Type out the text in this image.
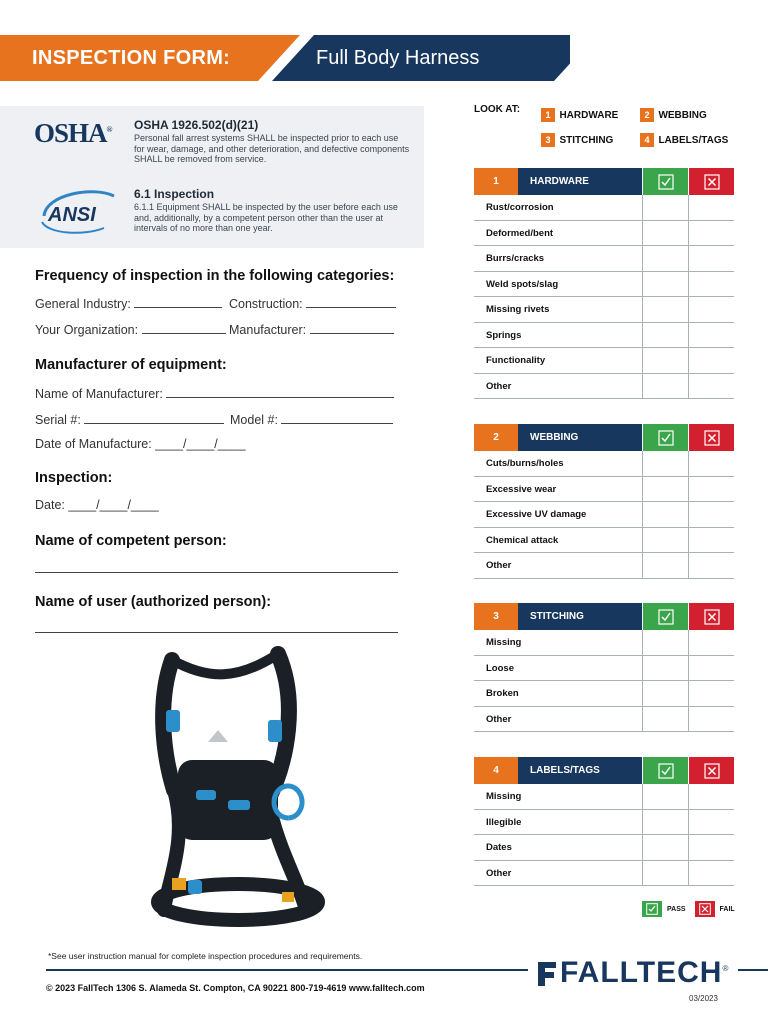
INSPECTION FORM:	Full Body Harness
OSHA® OSHA 1926.502(d)(21)
Personal fall arrest systems SHALL be inspected prior to each use for wear, damage, and other deterioration, and defective components SHALL be removed from service.
ANSI
6.1 Inspection
6.1.1 Equipment SHALL be inspected by the user before each use and, additionally, by a competent person other than the user at intervals of no more than one year.
Frequency of inspection in the following categories:
General Industry:	Construction:
Your Organization:	Manufacturer:
Manufacturer of equipment:
Name of Manufacturer:
Serial #:	Model #:
Date of Manufacture: ____/____/____
Inspection:
Date: ____/____/____
Name of competent person:
Name of user (authorized person):
LOOK AT:	1 HARDWARE	2 WEBBING
3 STITCHING	4 LABELS/TAGS
1	HARDWARE
Rust/corrosion
Deformed/bent
Burrs/cracks
Weld spots/slag
Missing rivets
Springs
Functionality
Other
2	WEBBING
Cuts/burns/holes
Excessive wear
Excessive UV damage
Chemical attack
Other
3	STITCHING
Missing
Loose
Broken
Other
4	LABELS/TAGS
Missing
Illegible
Dates
Other
PASS	FAIL
*See user instruction manual for complete inspection procedures and requirements.	FALLTECH ®
© 2023 FallTech 1306 S. Alameda St. Compton, CA 90221 800-719-4619 www.falltech.com
03/2023
